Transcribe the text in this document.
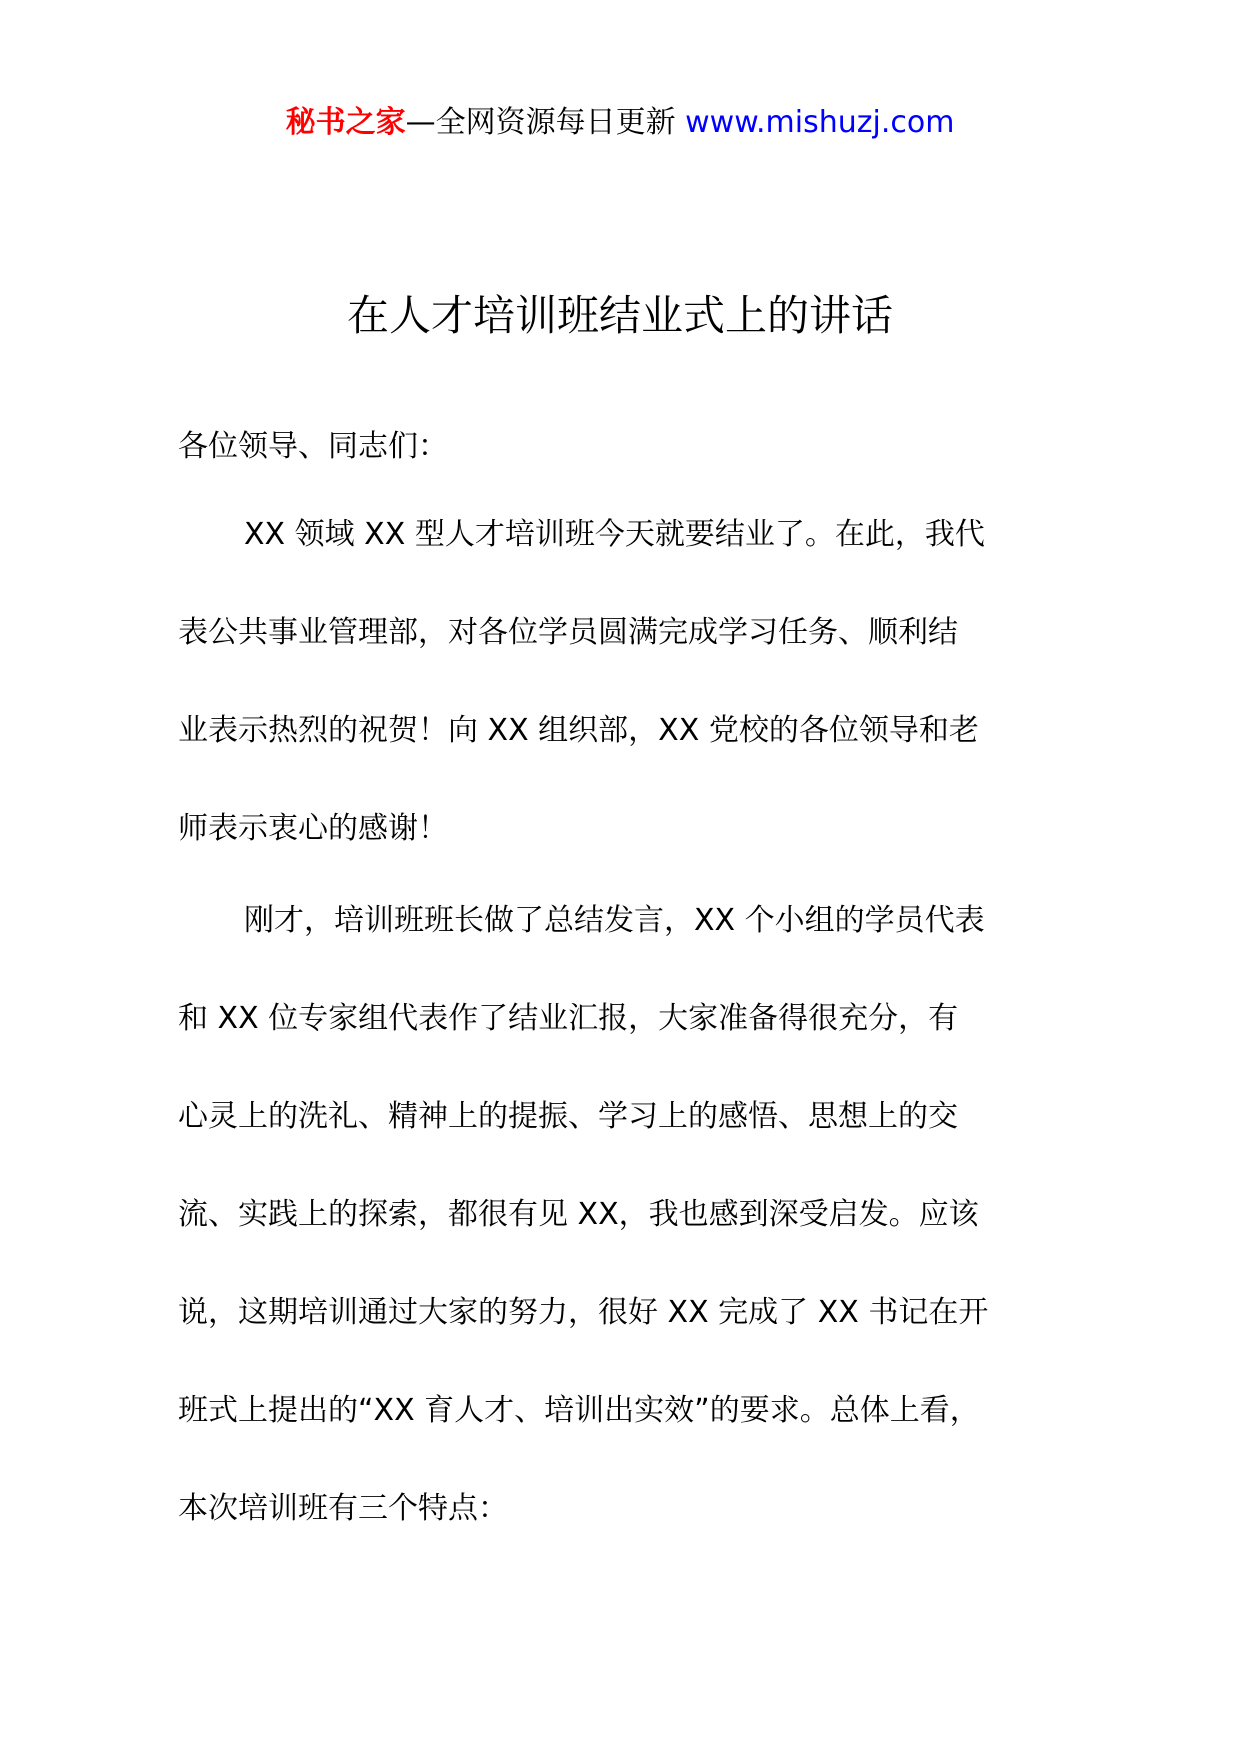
秘书之家—全网资源每日更新 www.mishuzj.com
在人才培训班结业式上的讲话
各位领导、同志们：
XX 领域 XX 型人才培训班今天就要结业了。在此，我代
表公共事业管理部，对各位学员圆满完成学习任务、顺利结
业表示热烈的祝贺！向 XX 组织部，XX 党校的各位领导和老
师表示衷心的感谢！
刚才，培训班班长做了总结发言，XX 个小组的学员代表
和 XX 位专家组代表作了结业汇报，大家准备得很充分，有
心灵上的洗礼、精神上的提振、学习上的感悟、思想上的交
流、实践上的探索，都很有见 XX，我也感到深受启发。应该
说，这期培训通过大家的努力，很好 XX 完成了 XX 书记在开
班式上提出的“XX 育人才、培训出实效”的要求。总体上看，
本次培训班有三个特点：
